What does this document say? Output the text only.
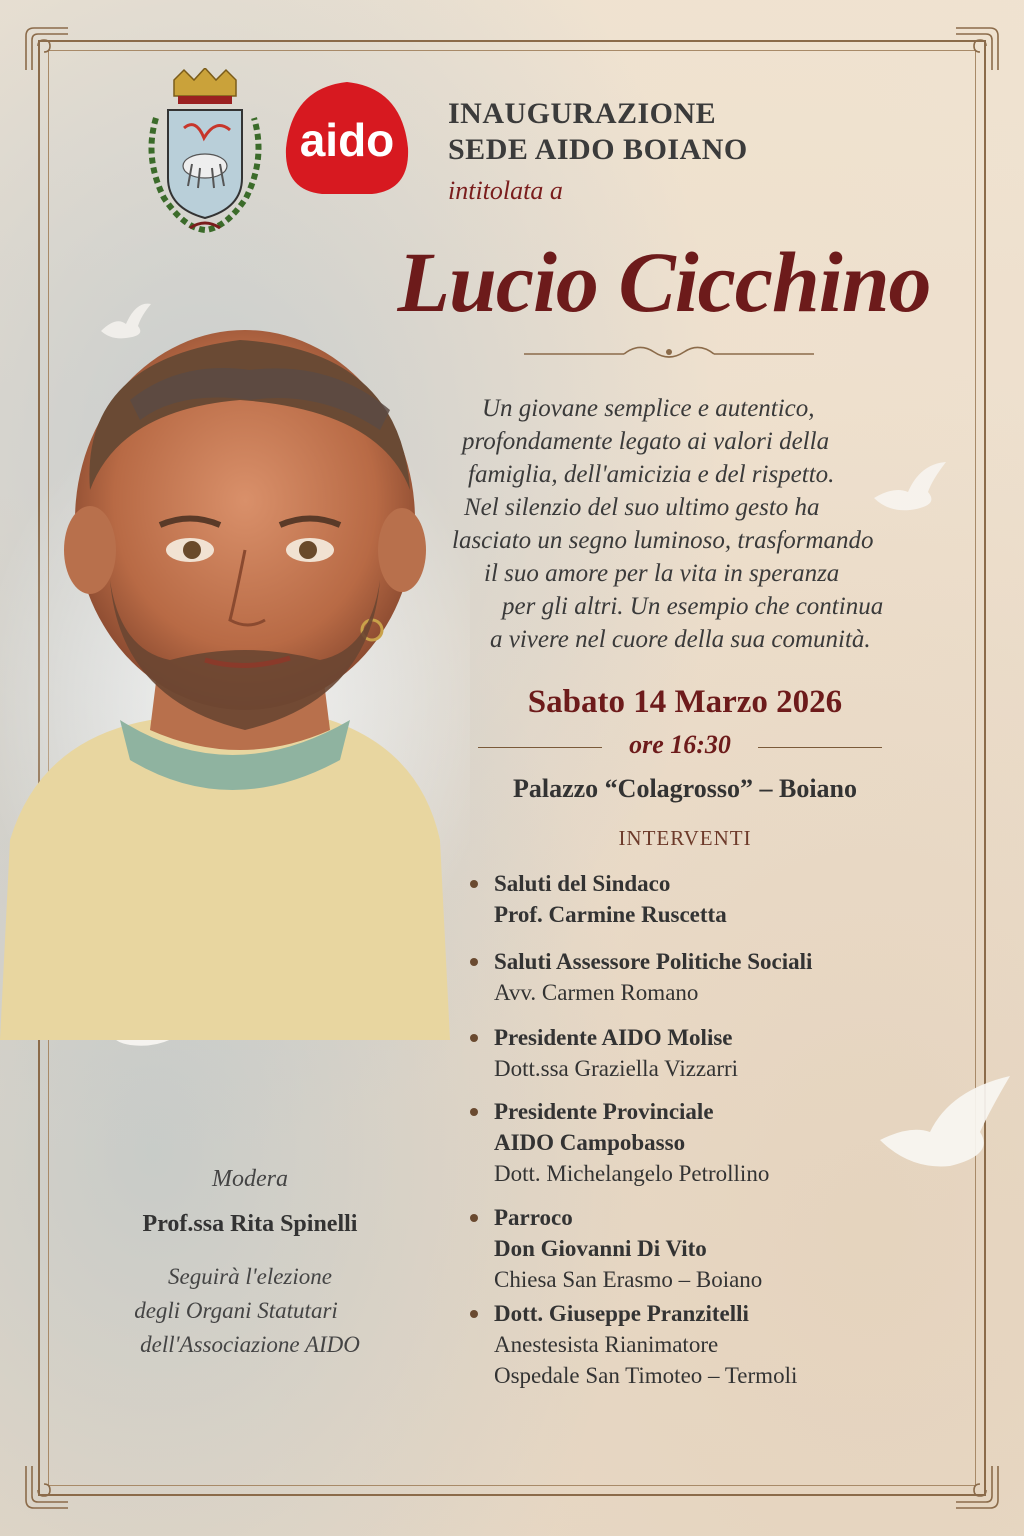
aido
INAUGURAZIONE
SEDE AIDO BOIANO
intitolata a
Lucio Cicchino
Un giovane semplice e autentico,
profondamente legato ai valori della
famiglia, dell'amicizia e del rispetto.
Nel silenzio del suo ultimo gesto ha
lasciato un segno luminoso, trasformando
il suo amore per la vita in speranza
per gli altri. Un esempio che continua
a vivere nel cuore della sua comunità.
Sabato 14 Marzo 2026
ore 16:30
Palazzo “Colagrosso” – Boiano
INTERVENTI
Saluti del Sindaco
Prof. Carmine Ruscetta
Saluti Assessore Politiche Sociali
Avv. Carmen Romano
Presidente AIDO Molise
Dott.ssa Graziella Vizzarri
Presidente Provinciale
AIDO Campobasso
Dott. Michelangelo Petrollino
Parroco
Don Giovanni Di Vito
Chiesa San Erasmo – Boiano
Dott. Giuseppe Pranzitelli
Anestesista Rianimatore
Ospedale San Timoteo – Termoli
Modera
Prof.ssa Rita Spinelli
Seguirà l'elezione
degli Organi Statutari
dell'Associazione AIDO
